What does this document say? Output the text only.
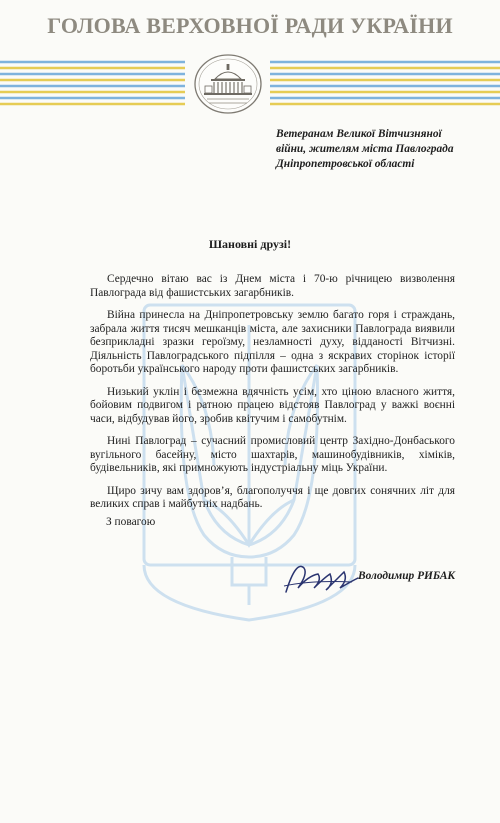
ГОЛОВА ВЕРХОВНОЇ РАДИ УКРАЇНИ
Ветеранам Великої Вітчизняної
війни, жителям міста Павлограда
Дніпропетровської області
Шановні друзі!

Сердечно вітаю вас із Днем міста і 70-ю річницею визволення Павлограда від фашистських загарбників.

Війна принесла на Дніпропетровську землю багато горя і страждань, забрала життя тисяч мешканців міста, але захисники Павлограда виявили безприкладні зразки героїзму, незламності духу, відданості Вітчизні. Діяльність Павлоградського підпілля – одна з яскравих сторінок історії боротьби українського народу проти фашистських загарбників.

Низький уклін і безмежна вдячність усім, хто ціною власного життя, бойовим подвигом і ратною працею відстояв Павлоград у важкі воєнні часи, відбудував його, зробив квітучим і самобутнім.

Нині Павлоград – сучасний промисловий центр Західно-Донбаського вугільного басейну, місто шахтарів, машинобудівників, хіміків, будівельників, які примножують індустріальну міць України.

Щиро зичу вам здоров’я, благополуччя і ще довгих сонячних літ для великих справ і майбутніх надбань.

З повагою
Володимир РИБАК
